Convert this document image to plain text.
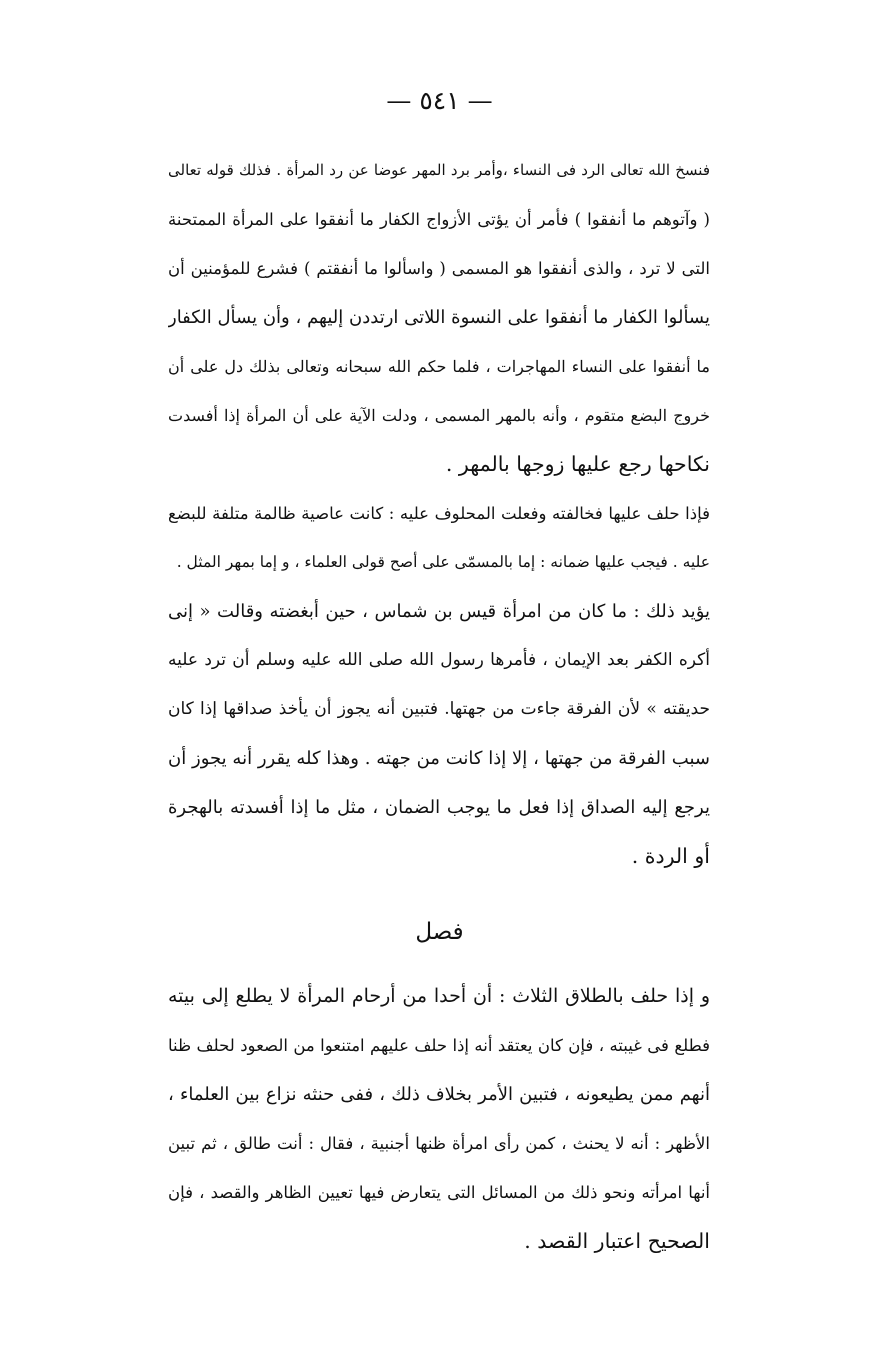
— ٥٤١ —
فنسخ الله تعالى الرد فى النساء ،وأمر برد المهر عوضا عن رد المرأة . فذلك قوله تعالى
( وآتوهم ما أنفقوا ) فأمر أن يؤتى الأزواج الكفار ما أنفقوا على المرأة الممتحنة
التى لا ترد ، والذى أنفقوا هو المسمى ( واسألوا ما أنفقتم ) فشرع للمؤمنين أن
يسألوا الكفار ما أنفقوا على النسوة اللاتى ارتددن إليهم ، وأن يسأل الكفار
ما أنفقوا على النساء المهاجرات ، فلما حكم الله سبحانه وتعالى بذلك دل على أن
خروج البضع متقوم ، وأنه بالمهر المسمى ، ودلت الآية على أن المرأة إذا أفسدت
نكاحها رجع عليها زوجها بالمهر .
فإذا حلف عليها فخالفته وفعلت المحلوف عليه : كانت عاصية ظالمة متلفة للبضع
عليه . فيجب عليها ضمانه : إما بالمسمّى على أصح قولى العلماء ، و إما بمهر المثل .
يؤيد ذلك : ما كان من امرأة قيس بن شماس ، حين أبغضته وقالت « إنى
أكره الكفر بعد الإيمان ، فأمرها رسول الله صلى الله عليه وسلم أن ترد عليه
حديقته » لأن الفرقة جاءت من جهتها. فتبين أنه يجوز أن يأخذ صداقها إذا كان
سبب الفرقة من جهتها ، إلا إذا كانت من جهته . وهذا كله يقرر أنه يجوز أن
يرجع إليه الصداق إذا فعل ما يوجب الضمان ، مثل ما إذا أفسدته بالهجرة
أو الردة .
فصل
و إذا حلف بالطلاق الثلاث : أن أحدا من أرحام المرأة لا يطلع إلى بيته
فطلع فى غيبته ، فإن كان يعتقد أنه إذا حلف عليهم امتنعوا من الصعود لحلف ظنا
أنهم ممن يطيعونه ، فتبين الأمر بخلاف ذلك ، ففى حنثه نزاع بين العلماء ،
الأظهر : أنه لا يحنث ، كمن رأى امرأة ظنها أجنبية ، فقال : أنت طالق ، ثم تبين
أنها امرأته ونحو ذلك من المسائل التى يتعارض فيها تعيين الظاهر والقصد ، فإن
الصحيح اعتبار القصد .
